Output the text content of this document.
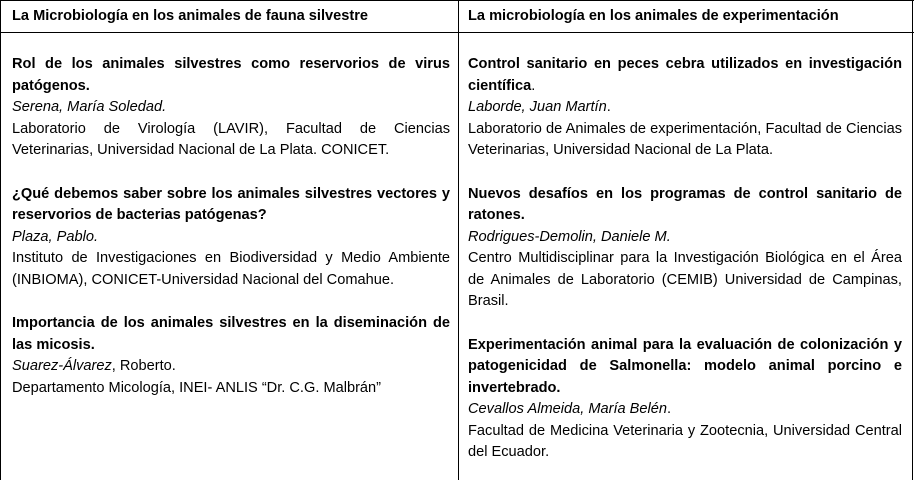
La Microbiología en los animales de fauna silvestre
Rol de los animales silvestres como reservorios de virus patógenos.
Serena, María Soledad.
Laboratorio de Virología (LAVIR), Facultad de Ciencias Veterinarias, Universidad Nacional de La Plata. CONICET.
¿Qué debemos saber sobre los animales silvestres vectores y reservorios de bacterias patógenas?
Plaza, Pablo.
Instituto de Investigaciones en Biodiversidad y Medio Ambiente (INBIOMA), CONICET-Universidad Nacional del Comahue.
Importancia de los animales silvestres en la diseminación de las micosis.
Suarez-Álvarez, Roberto.
Departamento Micología, INEI- ANLIS “Dr. C.G. Malbrán”
La microbiología en los animales de experimentación
Control sanitario en peces cebra utilizados en investigación científica.
Laborde, Juan Martín.
Laboratorio de Animales de experimentación, Facultad de Ciencias Veterinarias, Universidad Nacional de La Plata.
Nuevos desafíos en los programas de control sanitario de ratones.
Rodrigues-Demolin, Daniele M.
Centro Multidisciplinar para la Investigación Biológica en el Área de Animales de Laboratorio (CEMIB) Universidad de Campinas, Brasil.
Experimentación animal para la evaluación de colonización y patogenicidad de Salmonella: modelo animal porcino e invertebrado.
Cevallos Almeida, María Belén.
Facultad de Medicina Veterinaria y Zootecnia, Universidad Central del Ecuador.
